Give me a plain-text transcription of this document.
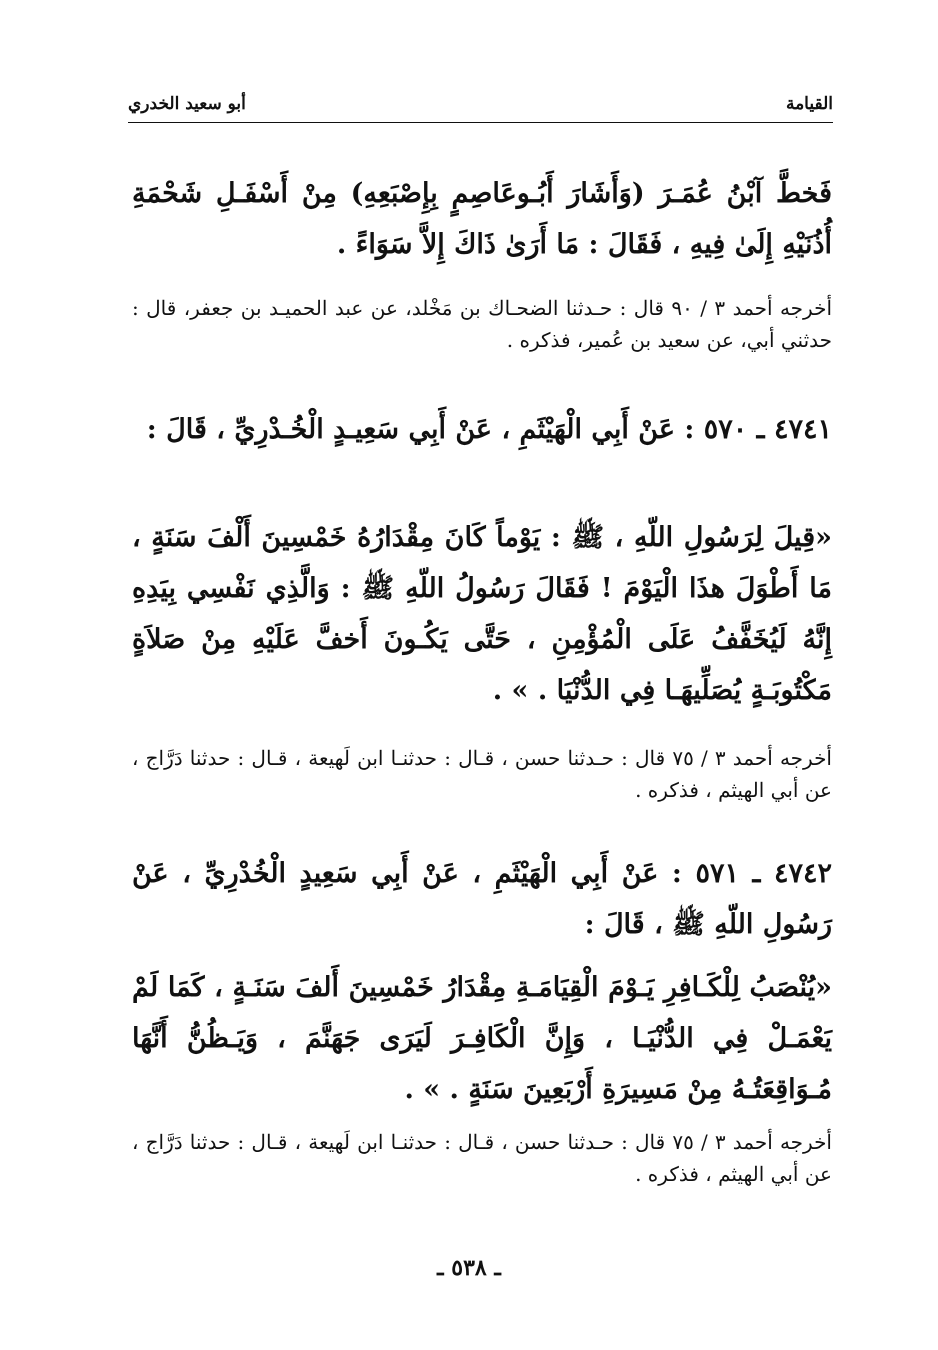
القيامة
أبو سعيد الخدري

فَخطَّ آبْنُ عُمَـرَ (وَأَشَارَ أَبُـوعَاصِمٍ بِإِصْبَعِهِ) مِنْ أَسْفَـلِ شَحْمَةِ أُذُنَيْهِ إِلَىٰ فِيهِ ، فَقَالَ : مَا أَرَىٰ ذَاكَ إِلاَّ سَوَاءً .

أخرجه أحمد ٣ / ٩٠ قال : حـدثنا الضحـاك بن مَخْلد، عن عبد الحميـد بن جعفر، قال : حدثني أبي، عن سعيد بن عُمير، فذكره .

٤٧٤١ ـ ٥٧٠ : عَنْ أَبِي الْهَيْثَمِ ، عَنْ أَبِي سَعِيـدٍ الْخُـدْرِيِّ ، قَالَ :

«قِيلَ لِرَسُولِ اللّهِ ، ﷺ : يَوْماً كَانَ مِقْدَارُهُ خَمْسِينَ أَلْفَ سَنَةٍ ، مَا أَطْوَلَ هذَا الْيَوْمَ ! فَقَالَ رَسُولُ اللّهِ ﷺ : وَالَّذِي نَفْسِي بِيَدِهِ إِنَّهُ لَيُخَفَّفُ عَلَى الْمُؤْمِنِ ، حَتَّى يَكُـونَ أَخفَّ عَلَيْهِ مِنْ صَلاَةٍ مَكْتُوبَـةٍ يُصَلِّيهَـا فِي الدُّنْيَا . » .

أخرجه أحمد ٣ / ٧٥ قال : حـدثنا حسن ، قـال : حدثنـا ابن لَهيعة ، قـال : حدثنا دَرَّاج ، عن أبي الهيثم ، فذكره .

٤٧٤٢ ـ ٥٧١ : عَنْ أَبِي الْهَيْثَمِ ، عَنْ أَبِي سَعِيدٍ الْخُدْرِيِّ ، عَنْ رَسُولِ اللّهِ ﷺ ، قَالَ :

«يُنْصَبُ لِلْكَـافِرِ يَـوْمَ الْقِيَامَـةِ مِقْدَارُ خَمْسِينَ أَلفَ سَنَـةٍ ، كَمَا لَمْ يَعْمَـلْ فِي الدُّنْيَـا ، وَإِنَّ الْكَافِـرَ لَيَرَى جَهَنَّمَ ، وَيَـظُنُّ أَنَّهَا مُـوَاقِعَتُـهُ مِنْ مَسِيرَةِ أَرْبَعِينَ سَنَةٍ . » .

أخرجه أحمد ٣ / ٧٥ قال : حـدثنا حسن ، قـال : حدثنـا ابن لَهيعة ، قـال : حدثنا دَرَّاج ، عن أبي الهيثم ، فذكره .

ـ ٥٣٨ ـ
